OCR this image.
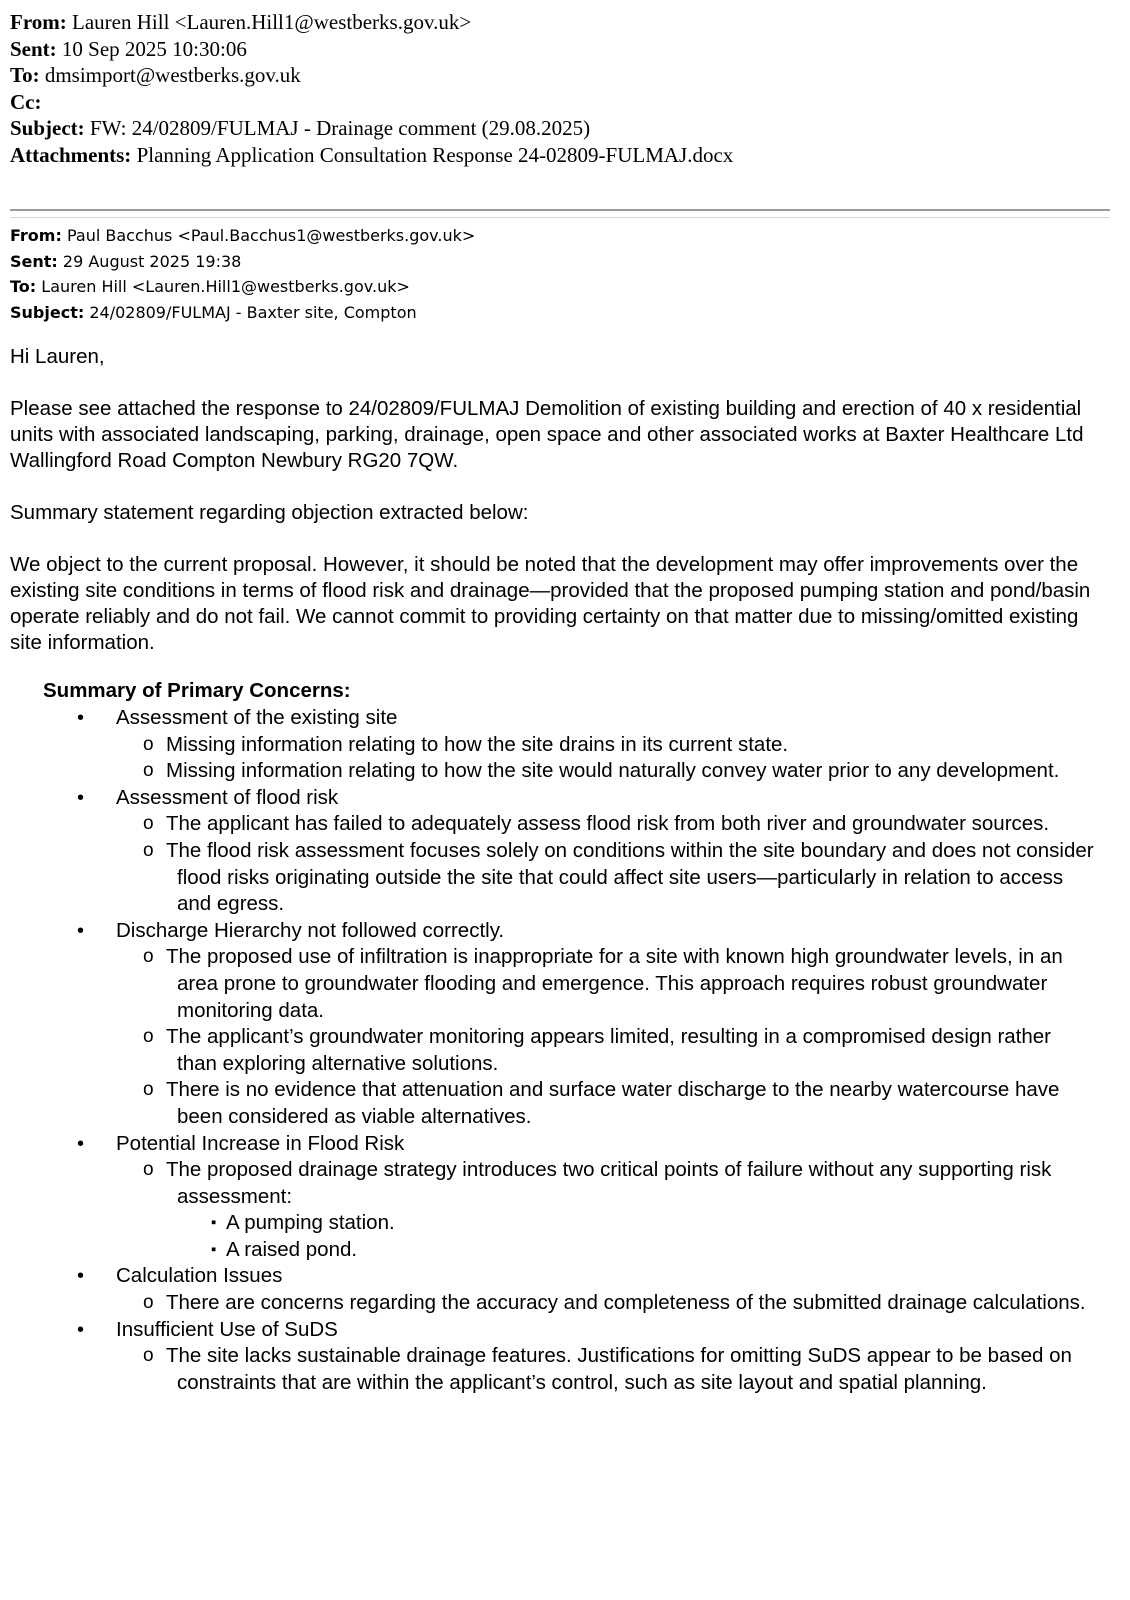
From: Lauren Hill <Lauren.Hill1@westberks.gov.uk>
Sent: 10 Sep 2025 10:30:06
To: dmsimport@westberks.gov.uk
Cc:
Subject: FW: 24/02809/FULMAJ - Drainage comment (29.08.2025)
Attachments: Planning Application Consultation Response 24-02809-FULMAJ.docx
From: Paul Bacchus <Paul.Bacchus1@westberks.gov.uk>
Sent: 29 August 2025 19:38
To: Lauren Hill <Lauren.Hill1@westberks.gov.uk>
Subject: 24/02809/FULMAJ - Baxter site, Compton

Hi Lauren,

Please see attached the response to 24/02809/FULMAJ Demolition of existing building and erection of 40 x residential units with associated landscaping, parking, drainage, open space and other associated works at Baxter Healthcare Ltd Wallingford Road Compton Newbury RG20 7QW.

Summary statement regarding objection extracted below:

We object to the current proposal. However, it should be noted that the development may offer improvements over the existing site conditions in terms of flood risk and drainage—provided that the proposed pumping station and pond/basin operate reliably and do not fail. We cannot commit to providing certainty on that matter due to missing/omitted existing site information.

Summary of Primary Concerns:
• Assessment of the existing site
o Missing information relating to how the site drains in its current state.
o Missing information relating to how the site would naturally convey water prior to any development.
• Assessment of flood risk
o The applicant has failed to adequately assess flood risk from both river and groundwater sources.
o The flood risk assessment focuses solely on conditions within the site boundary and does not consider flood risks originating outside the site that could affect site users—particularly in relation to access and egress.
• Discharge Hierarchy not followed correctly.
o The proposed use of infiltration is inappropriate for a site with known high groundwater levels, in an area prone to groundwater flooding and emergence. This approach requires robust groundwater monitoring data.
o The applicant’s groundwater monitoring appears limited, resulting in a compromised design rather than exploring alternative solutions.
o There is no evidence that attenuation and surface water discharge to the nearby watercourse have been considered as viable alternatives.
• Potential Increase in Flood Risk
o The proposed drainage strategy introduces two critical points of failure without any supporting risk assessment:
▪ A pumping station.
▪ A raised pond.
• Calculation Issues
o There are concerns regarding the accuracy and completeness of the submitted drainage calculations.
• Insufficient Use of SuDS
o The site lacks sustainable drainage features. Justifications for omitting SuDS appear to be based on constraints that are within the applicant’s control, such as site layout and spatial planning.
